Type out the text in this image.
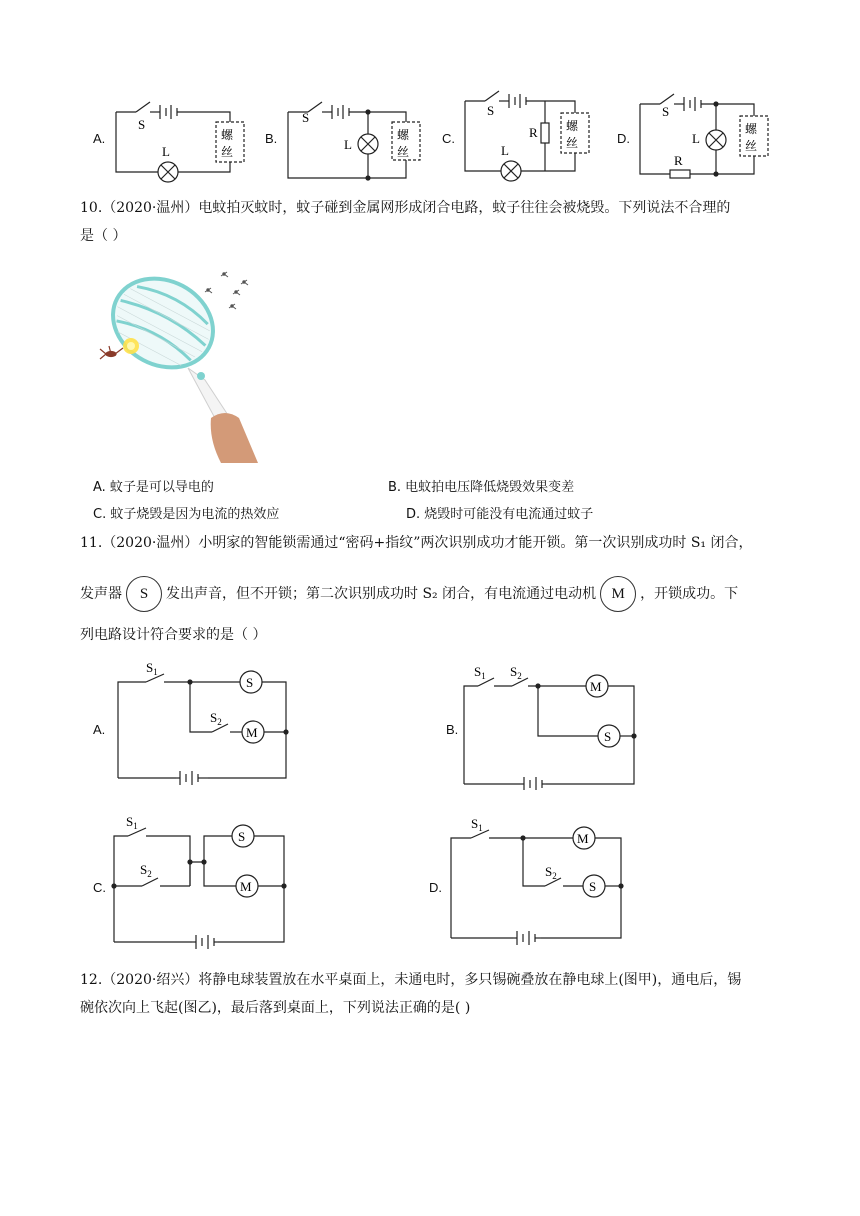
A.
S
L
螺
丝
B.
S
L
螺
丝
C.
S
L
R 螺
丝	D.
S
L
R
螺
丝
10.（2020·温州）电蚊拍灭蚊时，蚊子碰到金属网形成闭合电路，蚊子往往会被烧毁。下列说法不合理的
是（ ）
A. 蚊子是可以导电的	B. 电蚊拍电压降低烧毁效果变差
C. 蚊子烧毁是因为电流的热效应	D. 烧毁时可能没有电流通过蚊子
11.（2020·温州）小明家的智能锁需通过“密码+指纹”两次识别成功才能开锁。第一次识别成功时 S₁ 闭合，
发声器 S 发出声音，但不开锁；第二次识别成功时 S₂ 闭合，有电流通过电动机 M ，开锁成功。下
列电路设计符合要求的是（ ）
A.
$S_1$
$S_2$
S
M	B.
$S_1$ $S_2$
M
S
C.
$S_1$
$S_2$
S
M	D.
$S_1$
$S_2$
M
S
12.（2020·绍兴）将静电球装置放在水平桌面上，未通电时，多只锡碗叠放在静电球上(图甲)，通电后，锡
碗依次向上飞起(图乙)，最后落到桌面上，下列说法正确的是( )
